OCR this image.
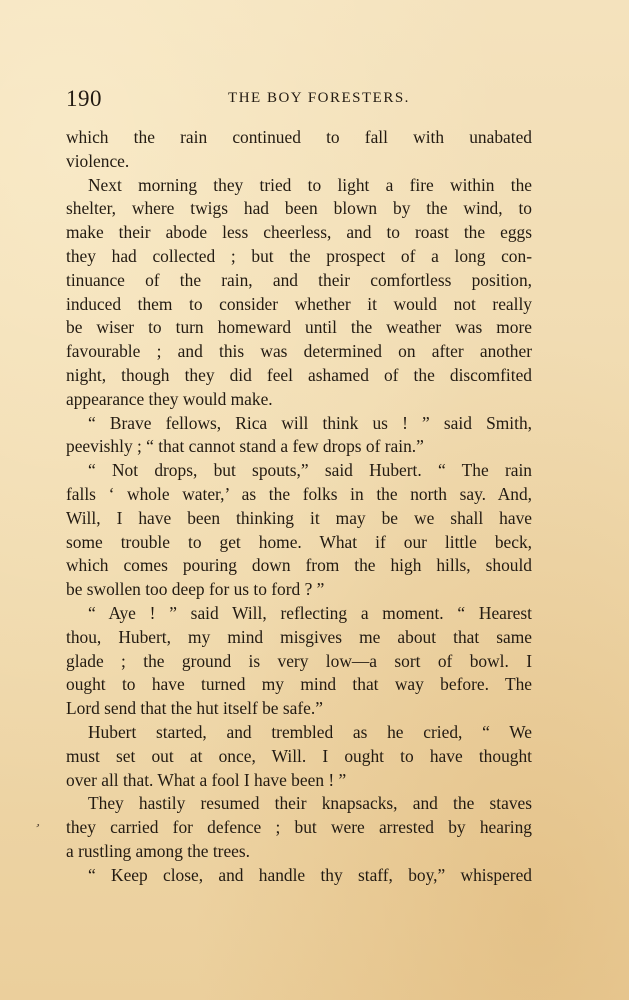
190	THE BOY FORESTERS.
ʼ
which the rain continued to fall with unabated
violence.
Next morning they tried to light a fire within the
shelter, where twigs had been blown by the wind, to
make their abode less cheerless, and to roast the eggs
they had collected ; but the prospect of a long con-
tinuance of the rain, and their comfortless position,
induced them to consider whether it would not really
be wiser to turn homeward until the weather was more
favourable ; and this was determined on after another
night, though they did feel ashamed of the discomfited
appearance they would make.
“ Brave fellows, Rica will think us ! ” said Smith,
peevishly ; “ that cannot stand a few drops of rain.”
“ Not drops, but spouts,” said Hubert. “ The rain
falls ‘ whole water,’ as the folks in the north say. And,
Will, I have been thinking it may be we shall have
some trouble to get home. What if our little beck,
which comes pouring down from the high hills, should
be swollen too deep for us to ford ? ”
“ Aye ! ” said Will, reflecting a moment. “ Hearest
thou, Hubert, my mind misgives me about that same
glade ; the ground is very low—a sort of bowl. I
ought to have turned my mind that way before. The
Lord send that the hut itself be safe.”
Hubert started, and trembled as he cried, “ We
must set out at once, Will. I ought to have thought
over all that. What a fool I have been ! ”
They hastily resumed their knapsacks, and the staves
they carried for defence ; but were arrested by hearing
a rustling among the trees.
“ Keep close, and handle thy staff, boy,” whispered
